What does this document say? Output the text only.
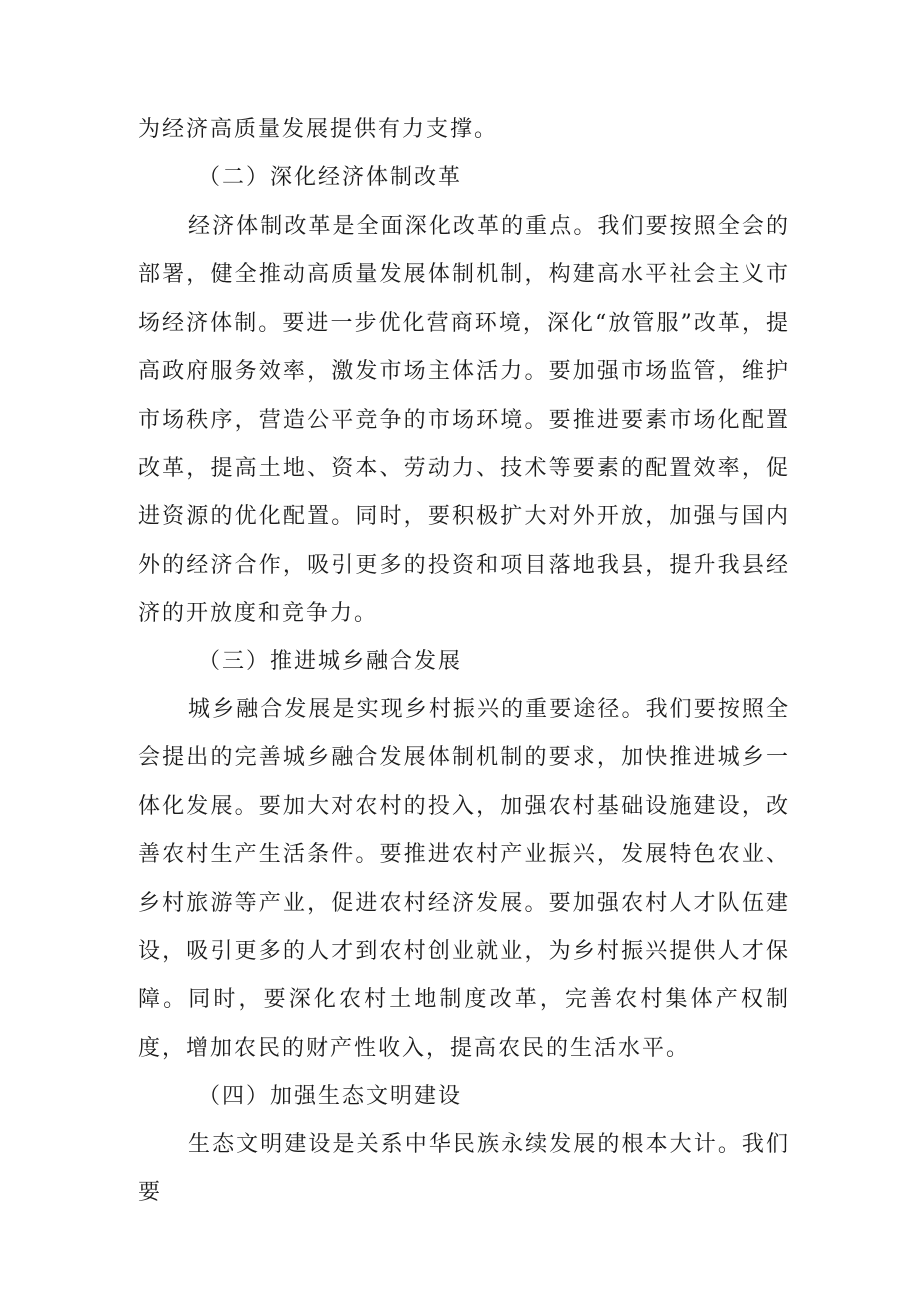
为经济高质量发展提供有力支撑。

（二）深化经济体制改革

经济体制改革是全面深化改革的重点。我们要按照全会的部署，健全推动高质量发展体制机制，构建高水平社会主义市场经济体制。要进一步优化营商环境，深化“放管服”改革，提高政府服务效率，激发市场主体活力。要加强市场监管，维护市场秩序，营造公平竞争的市场环境。要推进要素市场化配置改革，提高土地、资本、劳动力、技术等要素的配置效率，促进资源的优化配置。同时，要积极扩大对外开放，加强与国内外的经济合作，吸引更多的投资和项目落地我县，提升我县经济的开放度和竞争力。

（三）推进城乡融合发展

城乡融合发展是实现乡村振兴的重要途径。我们要按照全会提出的完善城乡融合发展体制机制的要求，加快推进城乡一体化发展。要加大对农村的投入，加强农村基础设施建设，改善农村生产生活条件。要推进农村产业振兴，发展特色农业、乡村旅游等产业，促进农村经济发展。要加强农村人才队伍建设，吸引更多的人才到农村创业就业，为乡村振兴提供人才保障。同时，要深化农村土地制度改革，完善农村集体产权制度，增加农民的财产性收入，提高农民的生活水平。

（四）加强生态文明建设

生态文明建设是关系中华民族永续发展的根本大计。我们要
